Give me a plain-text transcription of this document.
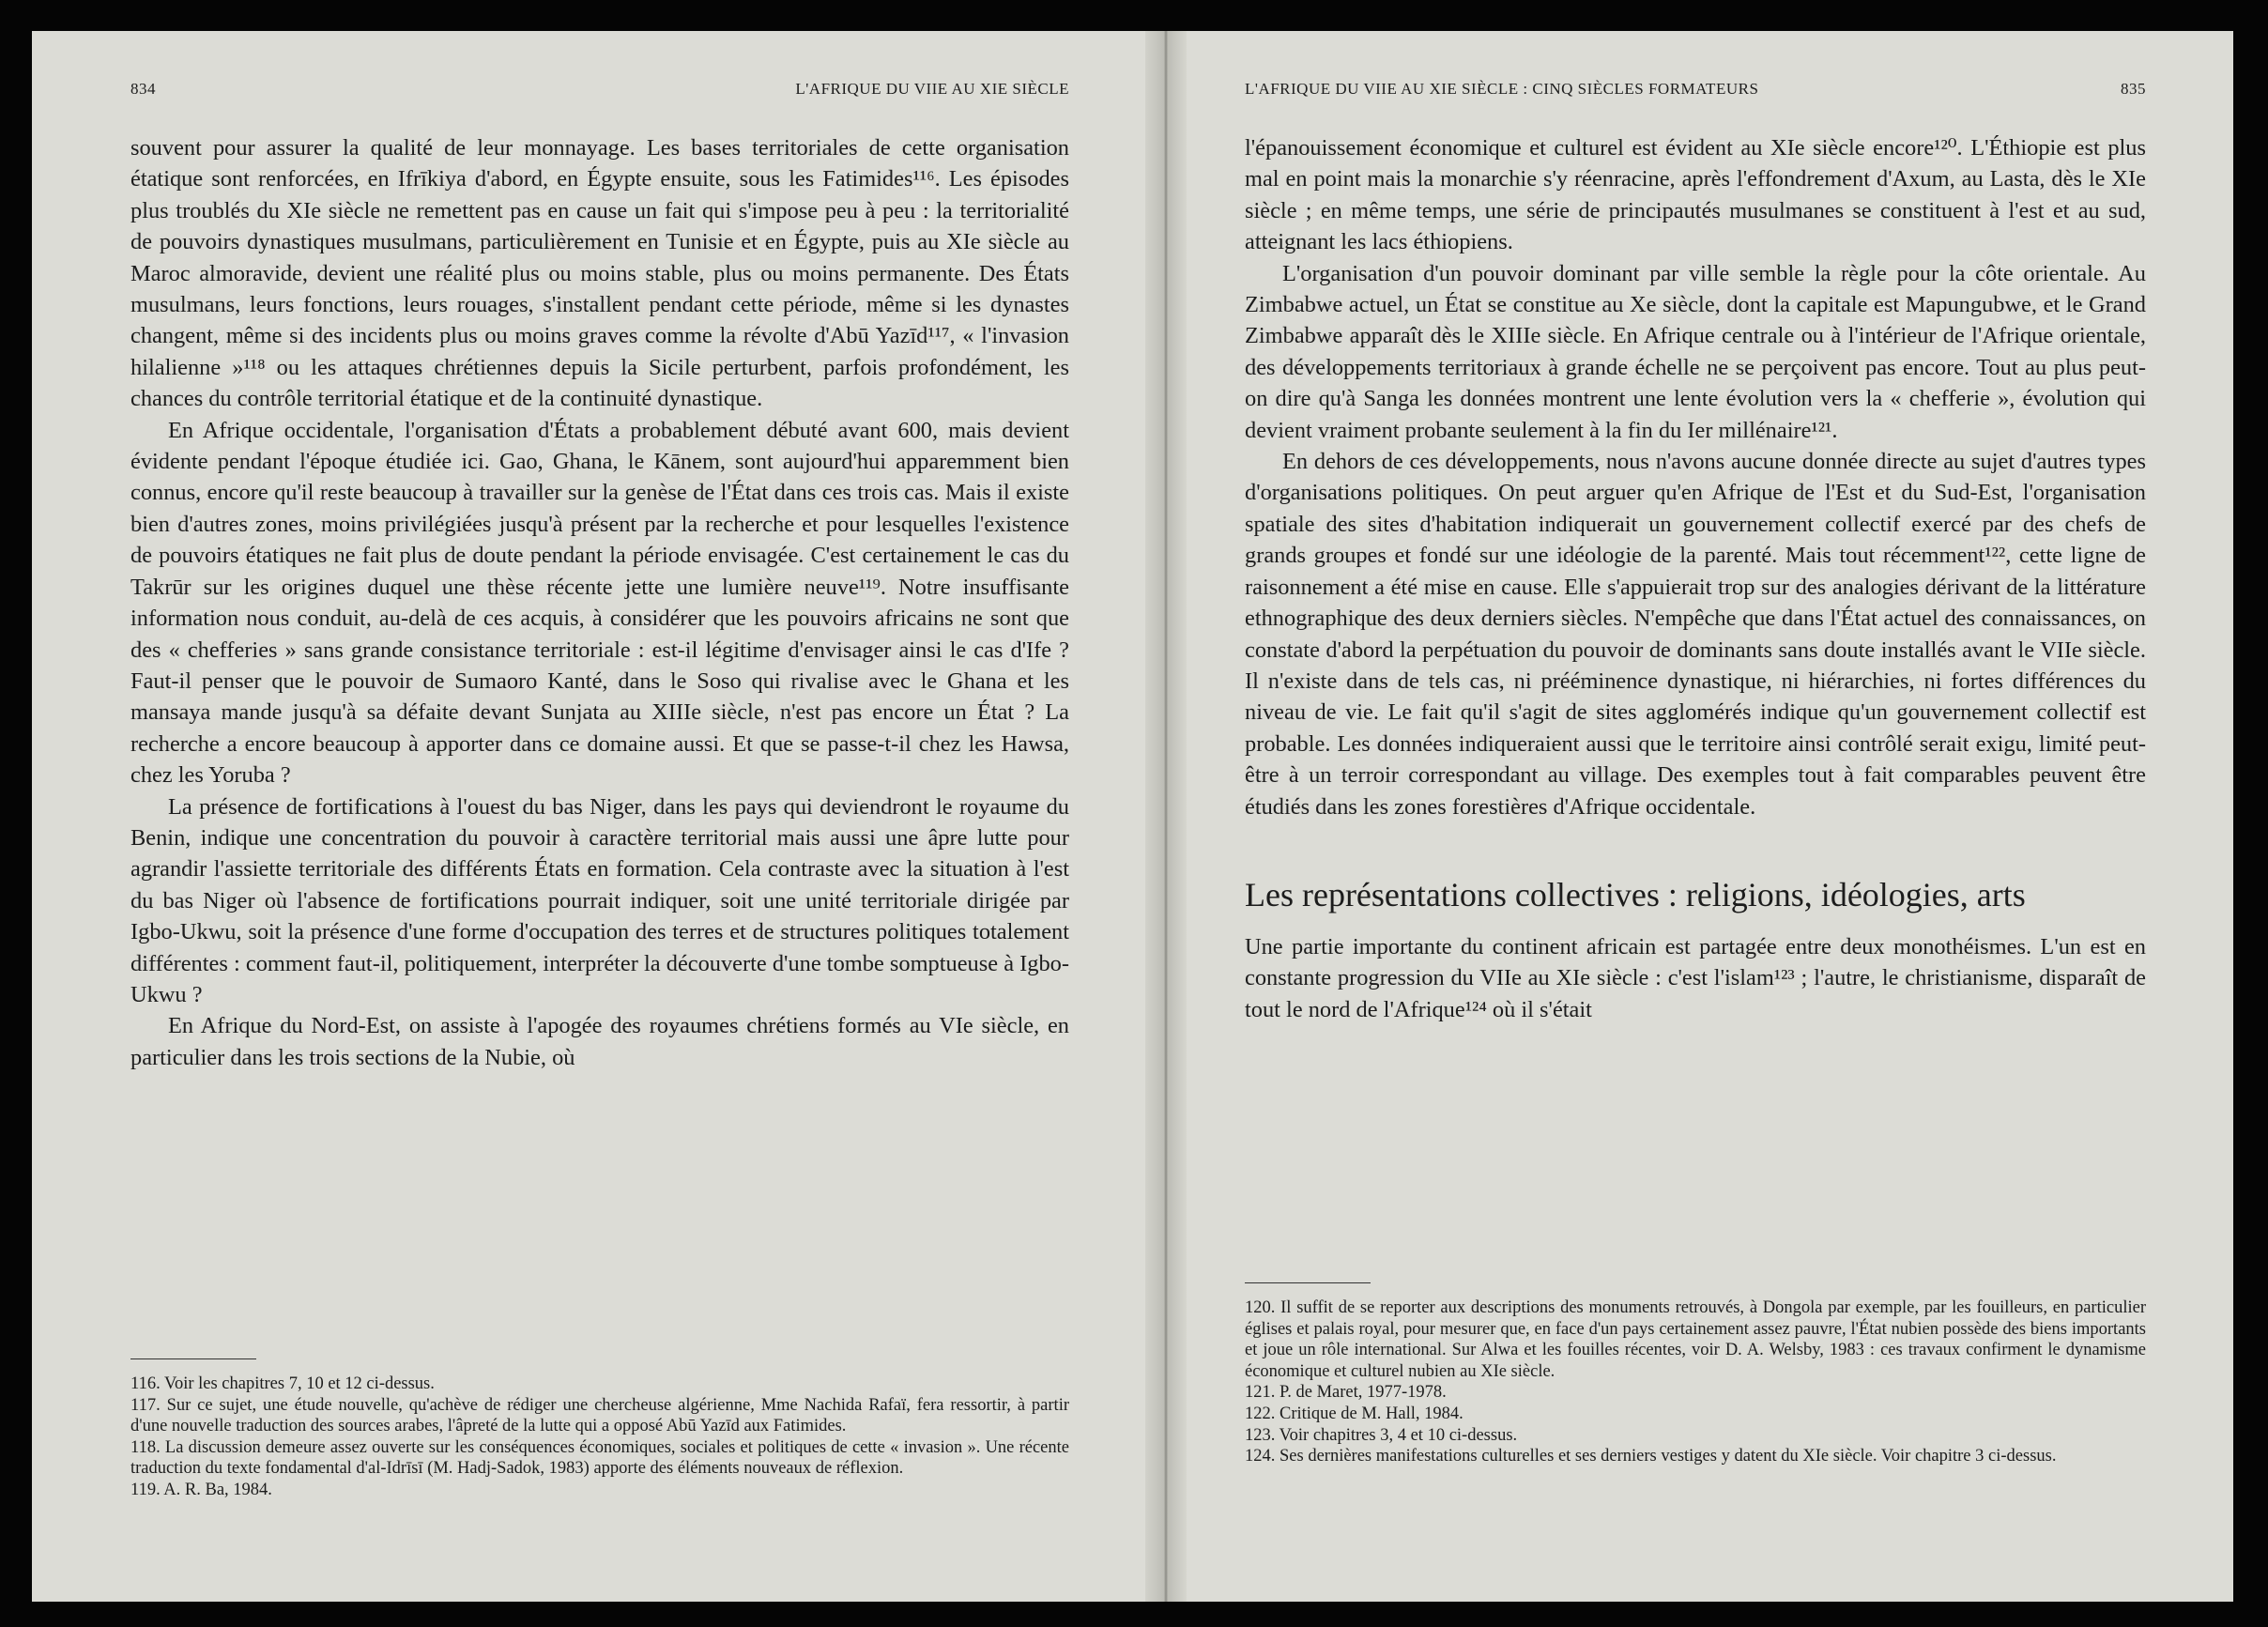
834	L'AFRIQUE DU VIIE AU XIE SIÈCLE

souvent pour assurer la qualité de leur monnayage. Les bases territoriales de cette organisation étatique sont renforcées, en Ifrīkiya d'abord, en Égypte ensuite, sous les Fatimides¹¹⁶. Les épisodes plus troublés du XIe siècle ne remettent pas en cause un fait qui s'impose peu à peu : la territorialité de pouvoirs dynastiques musulmans, particulièrement en Tunisie et en Égypte, puis au XIe siècle au Maroc almoravide, devient une réalité plus ou moins stable, plus ou moins permanente. Des États musulmans, leurs fonctions, leurs rouages, s'installent pendant cette période, même si les dynastes changent, même si des incidents plus ou moins graves comme la révolte d'Abū Yazīd¹¹⁷, « l'invasion hilalienne »¹¹⁸ ou les attaques chrétiennes depuis la Sicile perturbent, parfois profondément, les chances du contrôle territorial étatique et de la continuité dynastique.

En Afrique occidentale, l'organisation d'États a probablement débuté avant 600, mais devient évidente pendant l'époque étudiée ici. Gao, Ghana, le Kānem, sont aujourd'hui apparemment bien connus, encore qu'il reste beaucoup à travailler sur la genèse de l'État dans ces trois cas. Mais il existe bien d'autres zones, moins privilégiées jusqu'à présent par la recherche et pour lesquelles l'existence de pouvoirs étatiques ne fait plus de doute pendant la période envisagée. C'est certainement le cas du Takrūr sur les origines duquel une thèse récente jette une lumière neuve¹¹⁹. Notre insuffisante information nous conduit, au-delà de ces acquis, à considérer que les pouvoirs africains ne sont que des « chefferies » sans grande consistance territoriale : est-il légitime d'envisager ainsi le cas d'Ife ? Faut-il penser que le pouvoir de Sumaoro Kanté, dans le Soso qui rivalise avec le Ghana et les mansaya mande jusqu'à sa défaite devant Sunjata au XIIIe siècle, n'est pas encore un État ? La recherche a encore beaucoup à apporter dans ce domaine aussi. Et que se passe-t-il chez les Hawsa, chez les Yoruba ?

La présence de fortifications à l'ouest du bas Niger, dans les pays qui deviendront le royaume du Benin, indique une concentration du pouvoir à caractère territorial mais aussi une âpre lutte pour agrandir l'assiette territoriale des différents États en formation. Cela contraste avec la situation à l'est du bas Niger où l'absence de fortifications pourrait indiquer, soit une unité territoriale dirigée par Igbo-Ukwu, soit la présence d'une forme d'occupation des terres et de structures politiques totalement différentes : comment faut-il, politiquement, interpréter la découverte d'une tombe somptueuse à Igbo-Ukwu ?

En Afrique du Nord-Est, on assiste à l'apogée des royaumes chrétiens formés au VIe siècle, en particulier dans les trois sections de la Nubie, où

116. Voir les chapitres 7, 10 et 12 ci-dessus.

117. Sur ce sujet, une étude nouvelle, qu'achève de rédiger une chercheuse algérienne, Mme Nachida Rafaï, fera ressortir, à partir d'une nouvelle traduction des sources arabes, l'âpreté de la lutte qui a opposé Abū Yazīd aux Fatimides.

118. La discussion demeure assez ouverte sur les conséquences économiques, sociales et politiques de cette « invasion ». Une récente traduction du texte fondamental d'al-Idrīsī (M. Hadj-Sadok, 1983) apporte des éléments nouveaux de réflexion.

119. A. R. Ba, 1984.

L'AFRIQUE DU VIIE AU XIE SIÈCLE : CINQ SIÈCLES FORMATEURS	835

l'épanouissement économique et culturel est évident au XIe siècle encore¹²⁰. L'Éthiopie est plus mal en point mais la monarchie s'y réenracine, après l'effondrement d'Axum, au Lasta, dès le XIe siècle ; en même temps, une série de principautés musulmanes se constituent à l'est et au sud, atteignant les lacs éthiopiens.

L'organisation d'un pouvoir dominant par ville semble la règle pour la côte orientale. Au Zimbabwe actuel, un État se constitue au Xe siècle, dont la capitale est Mapungubwe, et le Grand Zimbabwe apparaît dès le XIIIe siècle. En Afrique centrale ou à l'intérieur de l'Afrique orientale, des développements territoriaux à grande échelle ne se perçoivent pas encore. Tout au plus peut-on dire qu'à Sanga les données montrent une lente évolution vers la « chefferie », évolution qui devient vraiment probante seulement à la fin du Ier millénaire¹²¹.

En dehors de ces développements, nous n'avons aucune donnée directe au sujet d'autres types d'organisations politiques. On peut arguer qu'en Afrique de l'Est et du Sud-Est, l'organisation spatiale des sites d'habitation indiquerait un gouvernement collectif exercé par des chefs de grands groupes et fondé sur une idéologie de la parenté. Mais tout récemment¹²², cette ligne de raisonnement a été mise en cause. Elle s'appuierait trop sur des analogies dérivant de la littérature ethnographique des deux derniers siècles. N'empêche que dans l'État actuel des connaissances, on constate d'abord la perpétuation du pouvoir de dominants sans doute installés avant le VIIe siècle. Il n'existe dans de tels cas, ni prééminence dynastique, ni hiérarchies, ni fortes différences du niveau de vie. Le fait qu'il s'agit de sites agglomérés indique qu'un gouvernement collectif est probable. Les données indiqueraient aussi que le territoire ainsi contrôlé serait exigu, limité peut-être à un terroir correspondant au village. Des exemples tout à fait comparables peuvent être étudiés dans les zones forestières d'Afrique occidentale.

Les représentations collectives : religions, idéologies, arts

Une partie importante du continent africain est partagée entre deux monothéismes. L'un est en constante progression du VIIe au XIe siècle : c'est l'islam¹²³ ; l'autre, le christianisme, disparaît de tout le nord de l'Afrique¹²⁴ où il s'était

120. Il suffit de se reporter aux descriptions des monuments retrouvés, à Dongola par exemple, par les fouilleurs, en particulier églises et palais royal, pour mesurer que, en face d'un pays certainement assez pauvre, l'État nubien possède des biens importants et joue un rôle international. Sur Alwa et les fouilles récentes, voir D. A. Welsby, 1983 : ces travaux confirment le dynamisme économique et culturel nubien au XIe siècle.

121. P. de Maret, 1977-1978.

122. Critique de M. Hall, 1984.

123. Voir chapitres 3, 4 et 10 ci-dessus.

124. Ses dernières manifestations culturelles et ses derniers vestiges y datent du XIe siècle. Voir chapitre 3 ci-dessus.
